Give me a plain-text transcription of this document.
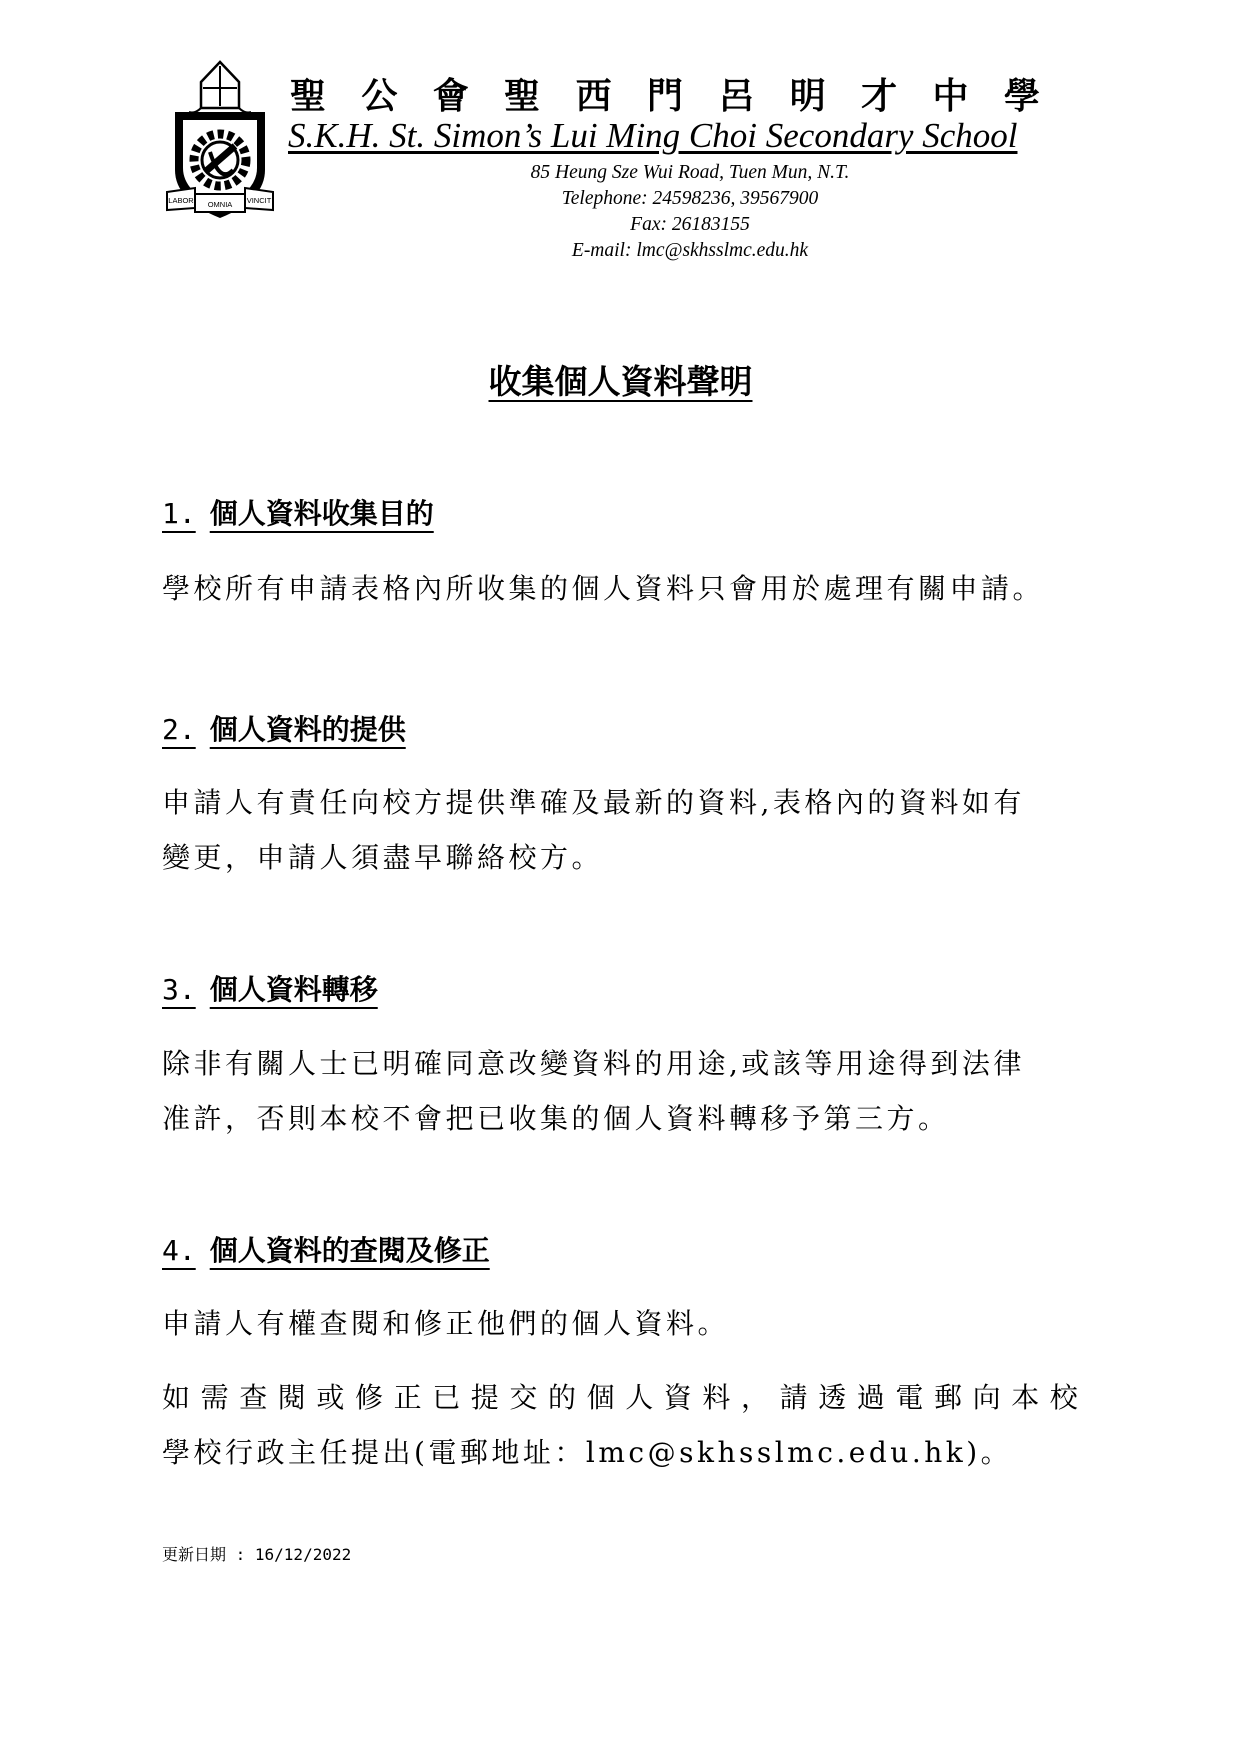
LABOR OMNIA VINCIT
聖 公 會 聖 西 門 呂 明 才 中 學
S.K.H. St. Simon’s Lui Ming Choi Secondary School
85 Heung Sze Wui Road, Tuen Mun, N.T.
Telephone: 24598236, 39567900
Fax: 26183155
E-mail: lmc@skhsslmc.edu.hk
收集個人資料聲明
1. 個人資料收集目的
學校所有申請表格內所收集的個人資料只會用於處理有關申請。
2. 個人資料的提供
申請人有責任向校方提供準確及最新的資料,表格內的資料如有
變更，申請人須盡早聯絡校方。
3. 個人資料轉移
除非有關人士已明確同意改變資料的用途,或該等用途得到法律
准許，否則本校不會把已收集的個人資料轉移予第三方。
4. 個人資料的查閱及修正
申請人有權查閱和修正他們的個人資料。
如需查閱或修正已提交的個人資料，請透過電郵向本校
學校行政主任提出(電郵地址：lmc@skhsslmc.edu.hk)。
更新日期 : 16/12/2022
